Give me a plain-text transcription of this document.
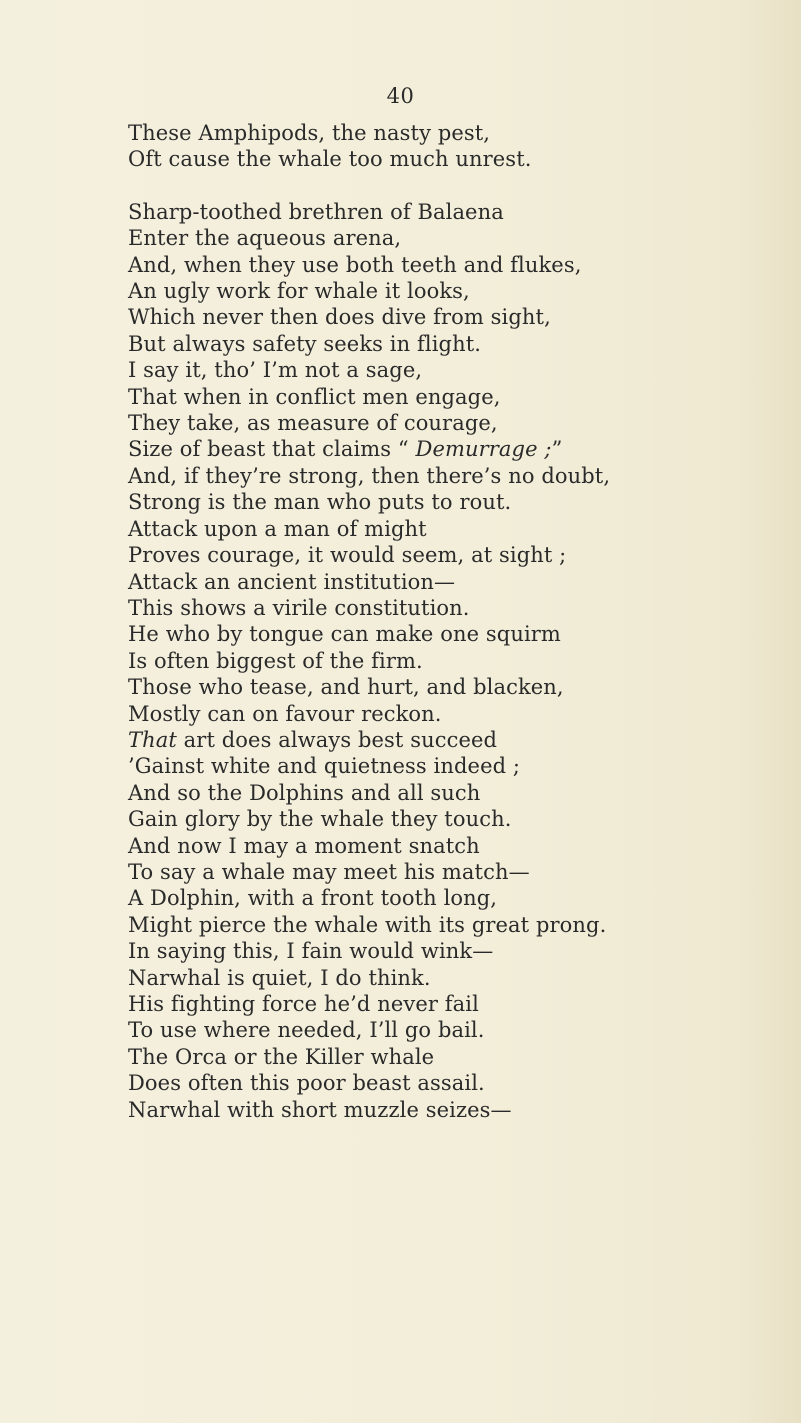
40
These Amphipods, the nasty pest,
Oft cause the whale too much unrest.
Sharp-toothed brethren of Balaena
Enter the aqueous arena,
And, when they use both teeth and flukes,
An ugly work for whale it looks,
Which never then does dive from sight,
But always safety seeks in flight.
I say it, tho’ I’m not a sage,
That when in conflict men engage,
They take, as measure of courage,
Size of beast that claims “ Demurrage ;”
And, if they’re strong, then there’s no doubt,
Strong is the man who puts to rout.
Attack upon a man of might
Proves courage, it would seem, at sight ;
Attack an ancient institution—
This shows a virile constitution.
He who by tongue can make one squirm
Is often biggest of the firm.
Those who tease, and hurt, and blacken,
Mostly can on favour reckon.
That art does always best succeed
’Gainst white and quietness indeed ;
And so the Dolphins and all such
Gain glory by the whale they touch.
And now I may a moment snatch
To say a whale may meet his match—
A Dolphin, with a front tooth long,
Might pierce the whale with its great prong.
In saying this, I fain would wink—
Narwhal is quiet, I do think.
His fighting force he’d never fail
To use where needed, I’ll go bail.
The Orca or the Killer whale
Does often this poor beast assail.
Narwhal with short muzzle seizes—
